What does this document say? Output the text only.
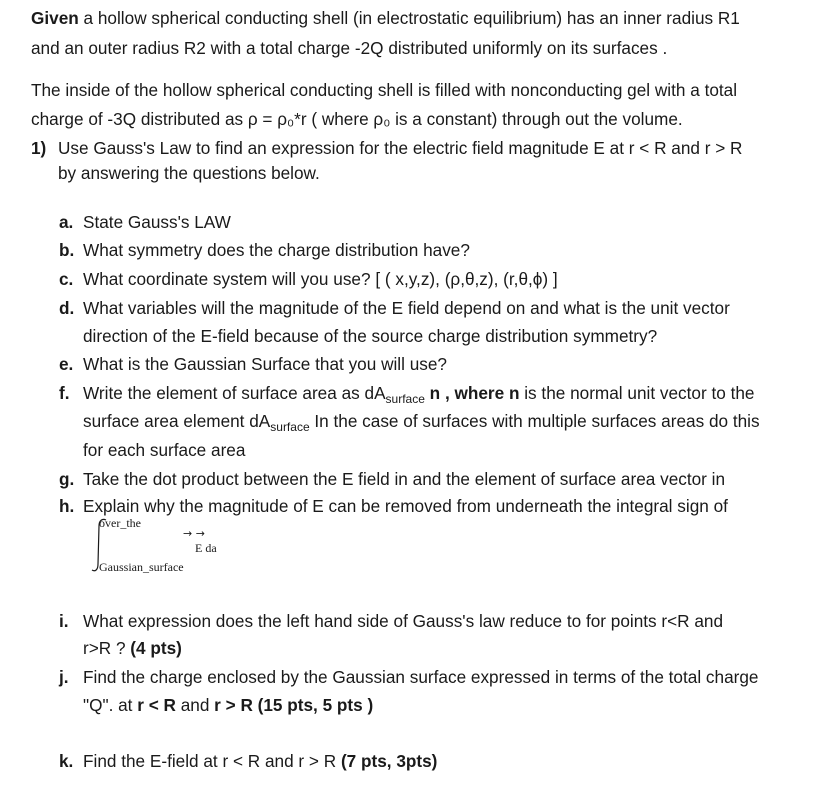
Given a hollow spherical conducting shell (in electrostatic equilibrium) has an inner radius R1
and an outer radius R2 with a total charge -2Q distributed uniformly on its surfaces .
The inside of the hollow spherical conducting shell is filled with nonconducting gel with a total
charge of -3Q distributed as ρ = ρ₀*r ( where ρ₀ is a constant) through out the volume.
1) Use Gauss's Law to find an expression for the electric field magnitude E at r < R and r > R
by answering the questions below.
a. State Gauss's LAW
b. What symmetry does the charge distribution have?
c. What coordinate system will you use? [ ( x,y,z), (ρ,θ,z), (r,θ,ϕ) ]
d. What variables will the magnitude of the E field depend on and what is the unit vector
direction of the E-field because of the source charge distribution symmetry?
e. What is the Gaussian Surface that you will use?
f. Write the element of surface area as $dA_{surface}$ n , where n is the normal unit vector to the
surface area element $dA_{surface}$ In the case of surfaces with multiple surfaces areas do this
for each surface area
g. Take the dot product between the E field in and the element of surface area vector in
h. Explain why the magnitude of E can be removed from underneath the integral sign of
→ →
over_the
E da
Gaussian_surface
i. What expression does the left hand side of Gauss's law reduce to for points r<R and
r>R ? (4 pts)
j. Find the charge enclosed by the Gaussian surface expressed in terms of the total charge
"Q". at r < R and r > R (15 pts, 5 pts )
k. Find the E-field at r < R and r > R (7 pts, 3pts)
